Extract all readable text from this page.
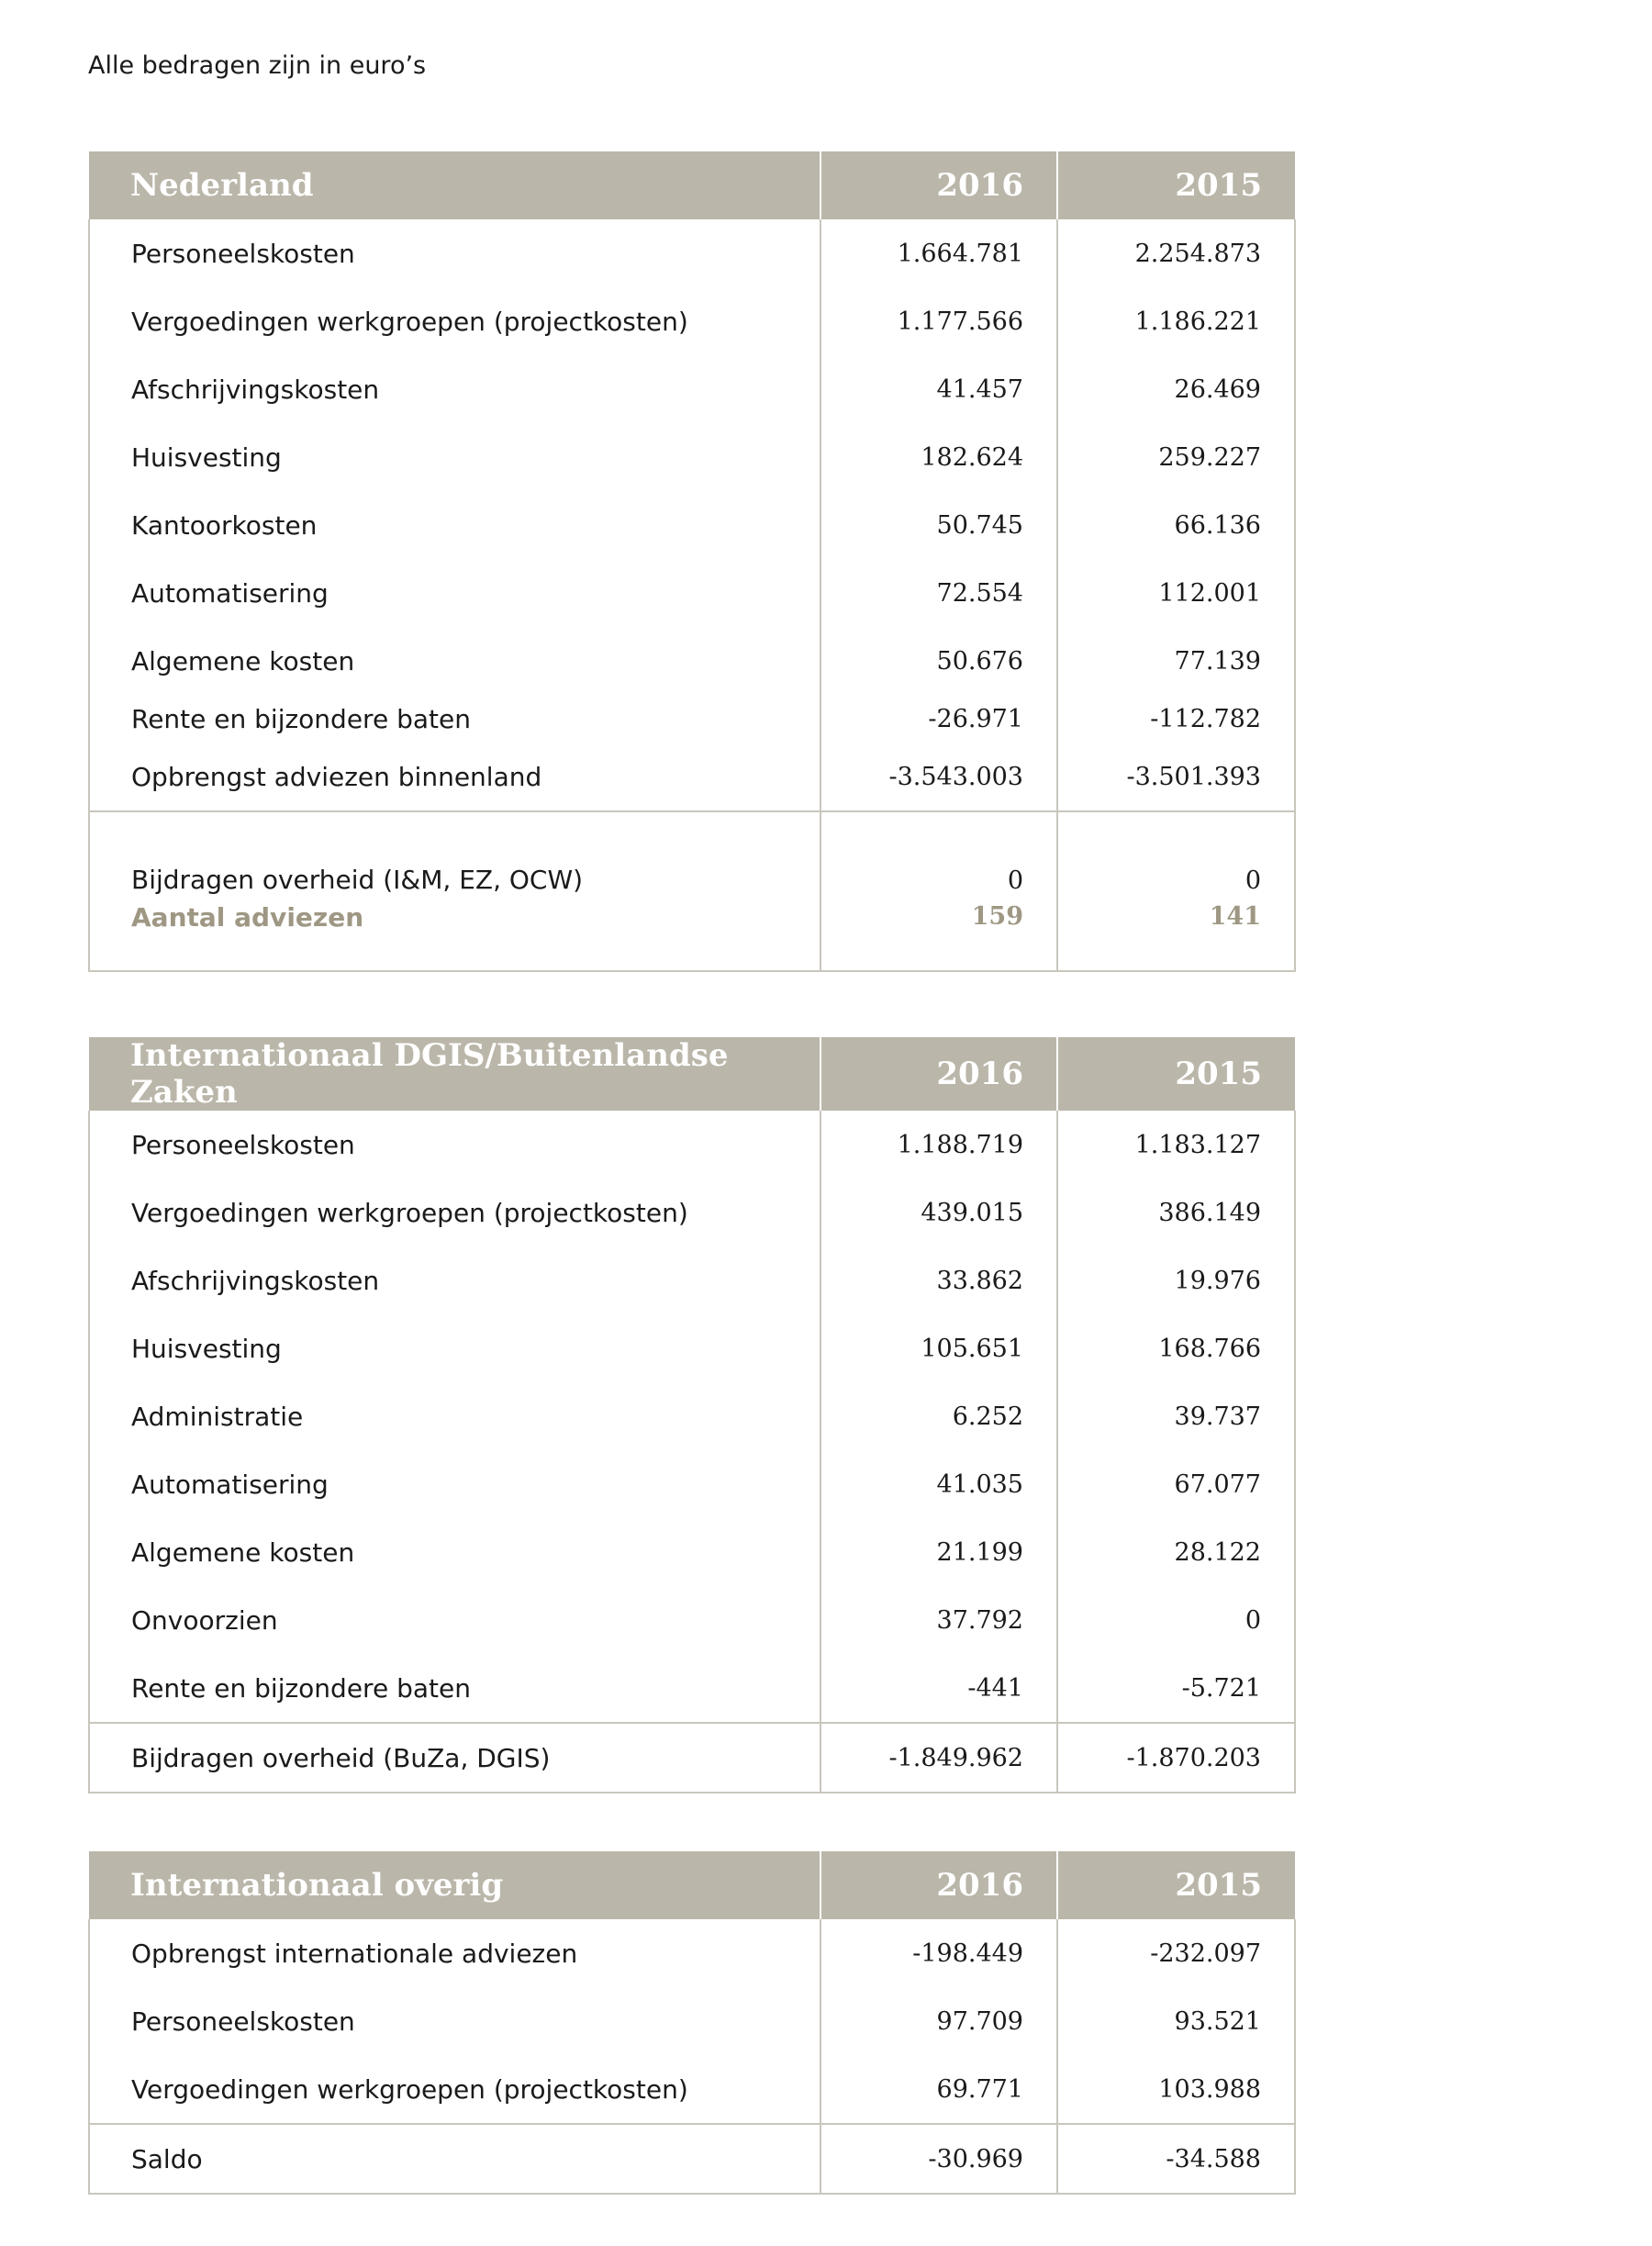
Alle bedragen zijn in euro’s
Nederland	2016	2015
Personeelskosten	1.664.781	2.254.873
Vergoedingen werkgroepen (projectkosten)	1.177.566	1.186.221
Afschrijvingskosten	41.457	26.469
Huisvesting	182.624	259.227
Kantoorkosten	50.745	66.136
Automatisering	72.554	112.001
Algemene kosten	50.676	77.139
Rente en bijzondere baten	-26.971	-112.782
Opbrengst adviezen binnenland	-3.543.003	-3.501.393
Bijdragen overheid (I&M, EZ, OCW)	0	0
Aantal adviezen	159	141
Internationaal DGIS/Buitenlandse Zaken	2016	2015
Personeelskosten	1.188.719	1.183.127
Vergoedingen werkgroepen (projectkosten)	439.015	386.149
Afschrijvingskosten	33.862	19.976
Huisvesting	105.651	168.766
Administratie	6.252	39.737
Automatisering	41.035	67.077
Algemene kosten	21.199	28.122
Onvoorzien	37.792	0
Rente en bijzondere baten	-441	-5.721
Bijdragen overheid (BuZa, DGIS)	-1.849.962	-1.870.203
Internationaal overig	2016	2015
Opbrengst internationale adviezen	-198.449	-232.097
Personeelskosten	97.709	93.521
Vergoedingen werkgroepen (projectkosten)	69.771	103.988
Saldo	-30.969	-34.588
